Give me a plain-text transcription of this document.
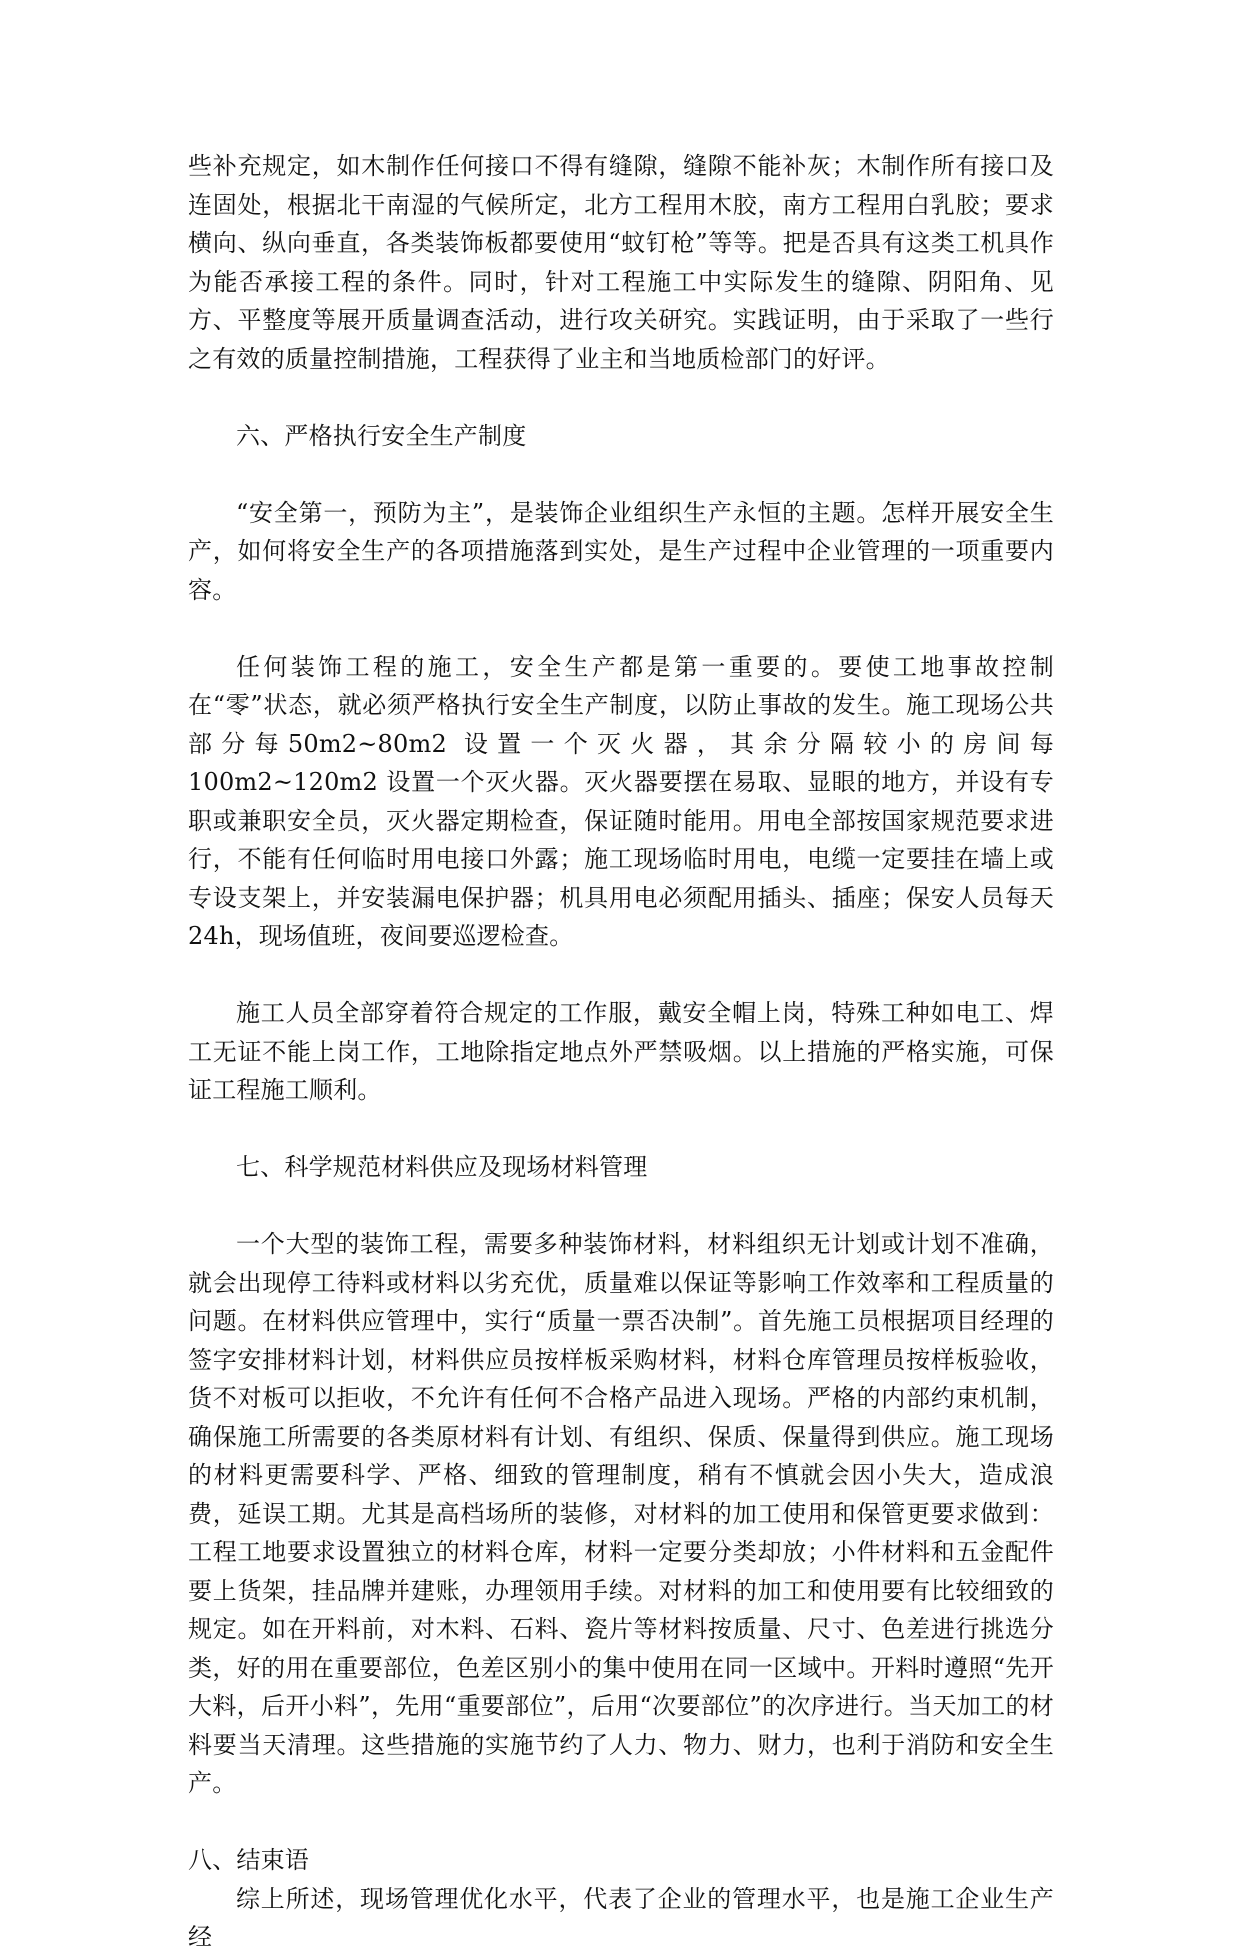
些补充规定，如木制作任何接口不得有缝隙，缝隙不能补灰；木制作所有接口及连固处，根据北干南湿的气候所定，北方工程用木胶，南方工程用白乳胶；要求横向、纵向垂直，各类装饰板都要使用“蚊钉枪”等等。把是否具有这类工机具作为能否承接工程的条件。同时，针对工程施工中实际发生的缝隙、阴阳角、见方、平整度等展开质量调查活动，进行攻关研究。实践证明，由于采取了一些行之有效的质量控制措施，工程获得了业主和当地质检部门的好评。

六、严格执行安全生产制度

“安全第一，预防为主”，是装饰企业组织生产永恒的主题。怎样开展安全生产，如何将安全生产的各项措施落到实处，是生产过程中企业管理的一项重要内容。

任何装饰工程的施工，安全生产都是第一重要的。要使工地事故控制在“零”状态，就必须严格执行安全生产制度，以防止事故的发生。施工现场公共部分每50m2~80m2 设置一个灭火器，其余分隔较小的房间每 100m2~120m2 设置一个灭火器。灭火器要摆在易取、显眼的地方，并设有专职或兼职安全员，灭火器定期检查，保证随时能用。用电全部按国家规范要求进行，不能有任何临时用电接口外露；施工现场临时用电，电缆一定要挂在墙上或专设支架上，并安装漏电保护器；机具用电必须配用插头、插座；保安人员每天 24h，现场值班，夜间要巡逻检查。

施工人员全部穿着符合规定的工作服，戴安全帽上岗，特殊工种如电工、焊工无证不能上岗工作，工地除指定地点外严禁吸烟。以上措施的严格实施，可保证工程施工顺利。

七、科学规范材料供应及现场材料管理

一个大型的装饰工程，需要多种装饰材料，材料组织无计划或计划不准确，就会出现停工待料或材料以劣充优，质量难以保证等影响工作效率和工程质量的问题。在材料供应管理中，实行“质量一票否决制”。首先施工员根据项目经理的签字安排材料计划，材料供应员按样板采购材料，材料仓库管理员按样板验收，货不对板可以拒收，不允许有任何不合格产品进入现场。严格的内部约束机制，确保施工所需要的各类原材料有计划、有组织、保质、保量得到供应。施工现场的材料更需要科学、严格、细致的管理制度，稍有不慎就会因小失大，造成浪费，延误工期。尤其是高档场所的装修，对材料的加工使用和保管更要求做到：工程工地要求设置独立的材料仓库，材料一定要分类却放；小件材料和五金配件要上货架，挂品牌并建账，办理领用手续。对材料的加工和使用要有比较细致的规定。如在开料前，对木料、石料、瓷片等材料按质量、尺寸、色差进行挑选分类，好的用在重要部位，色差区别小的集中使用在同一区域中。开料时遵照“先开大料，后开小料”，先用“重要部位”，后用“次要部位”的次序进行。当天加工的材料要当天清理。这些措施的实施节约了人力、物力、财力，也利于消防和安全生产。

八、结束语

综上所述，现场管理优化水平，代表了企业的管理水平，也是施工企业生产经
